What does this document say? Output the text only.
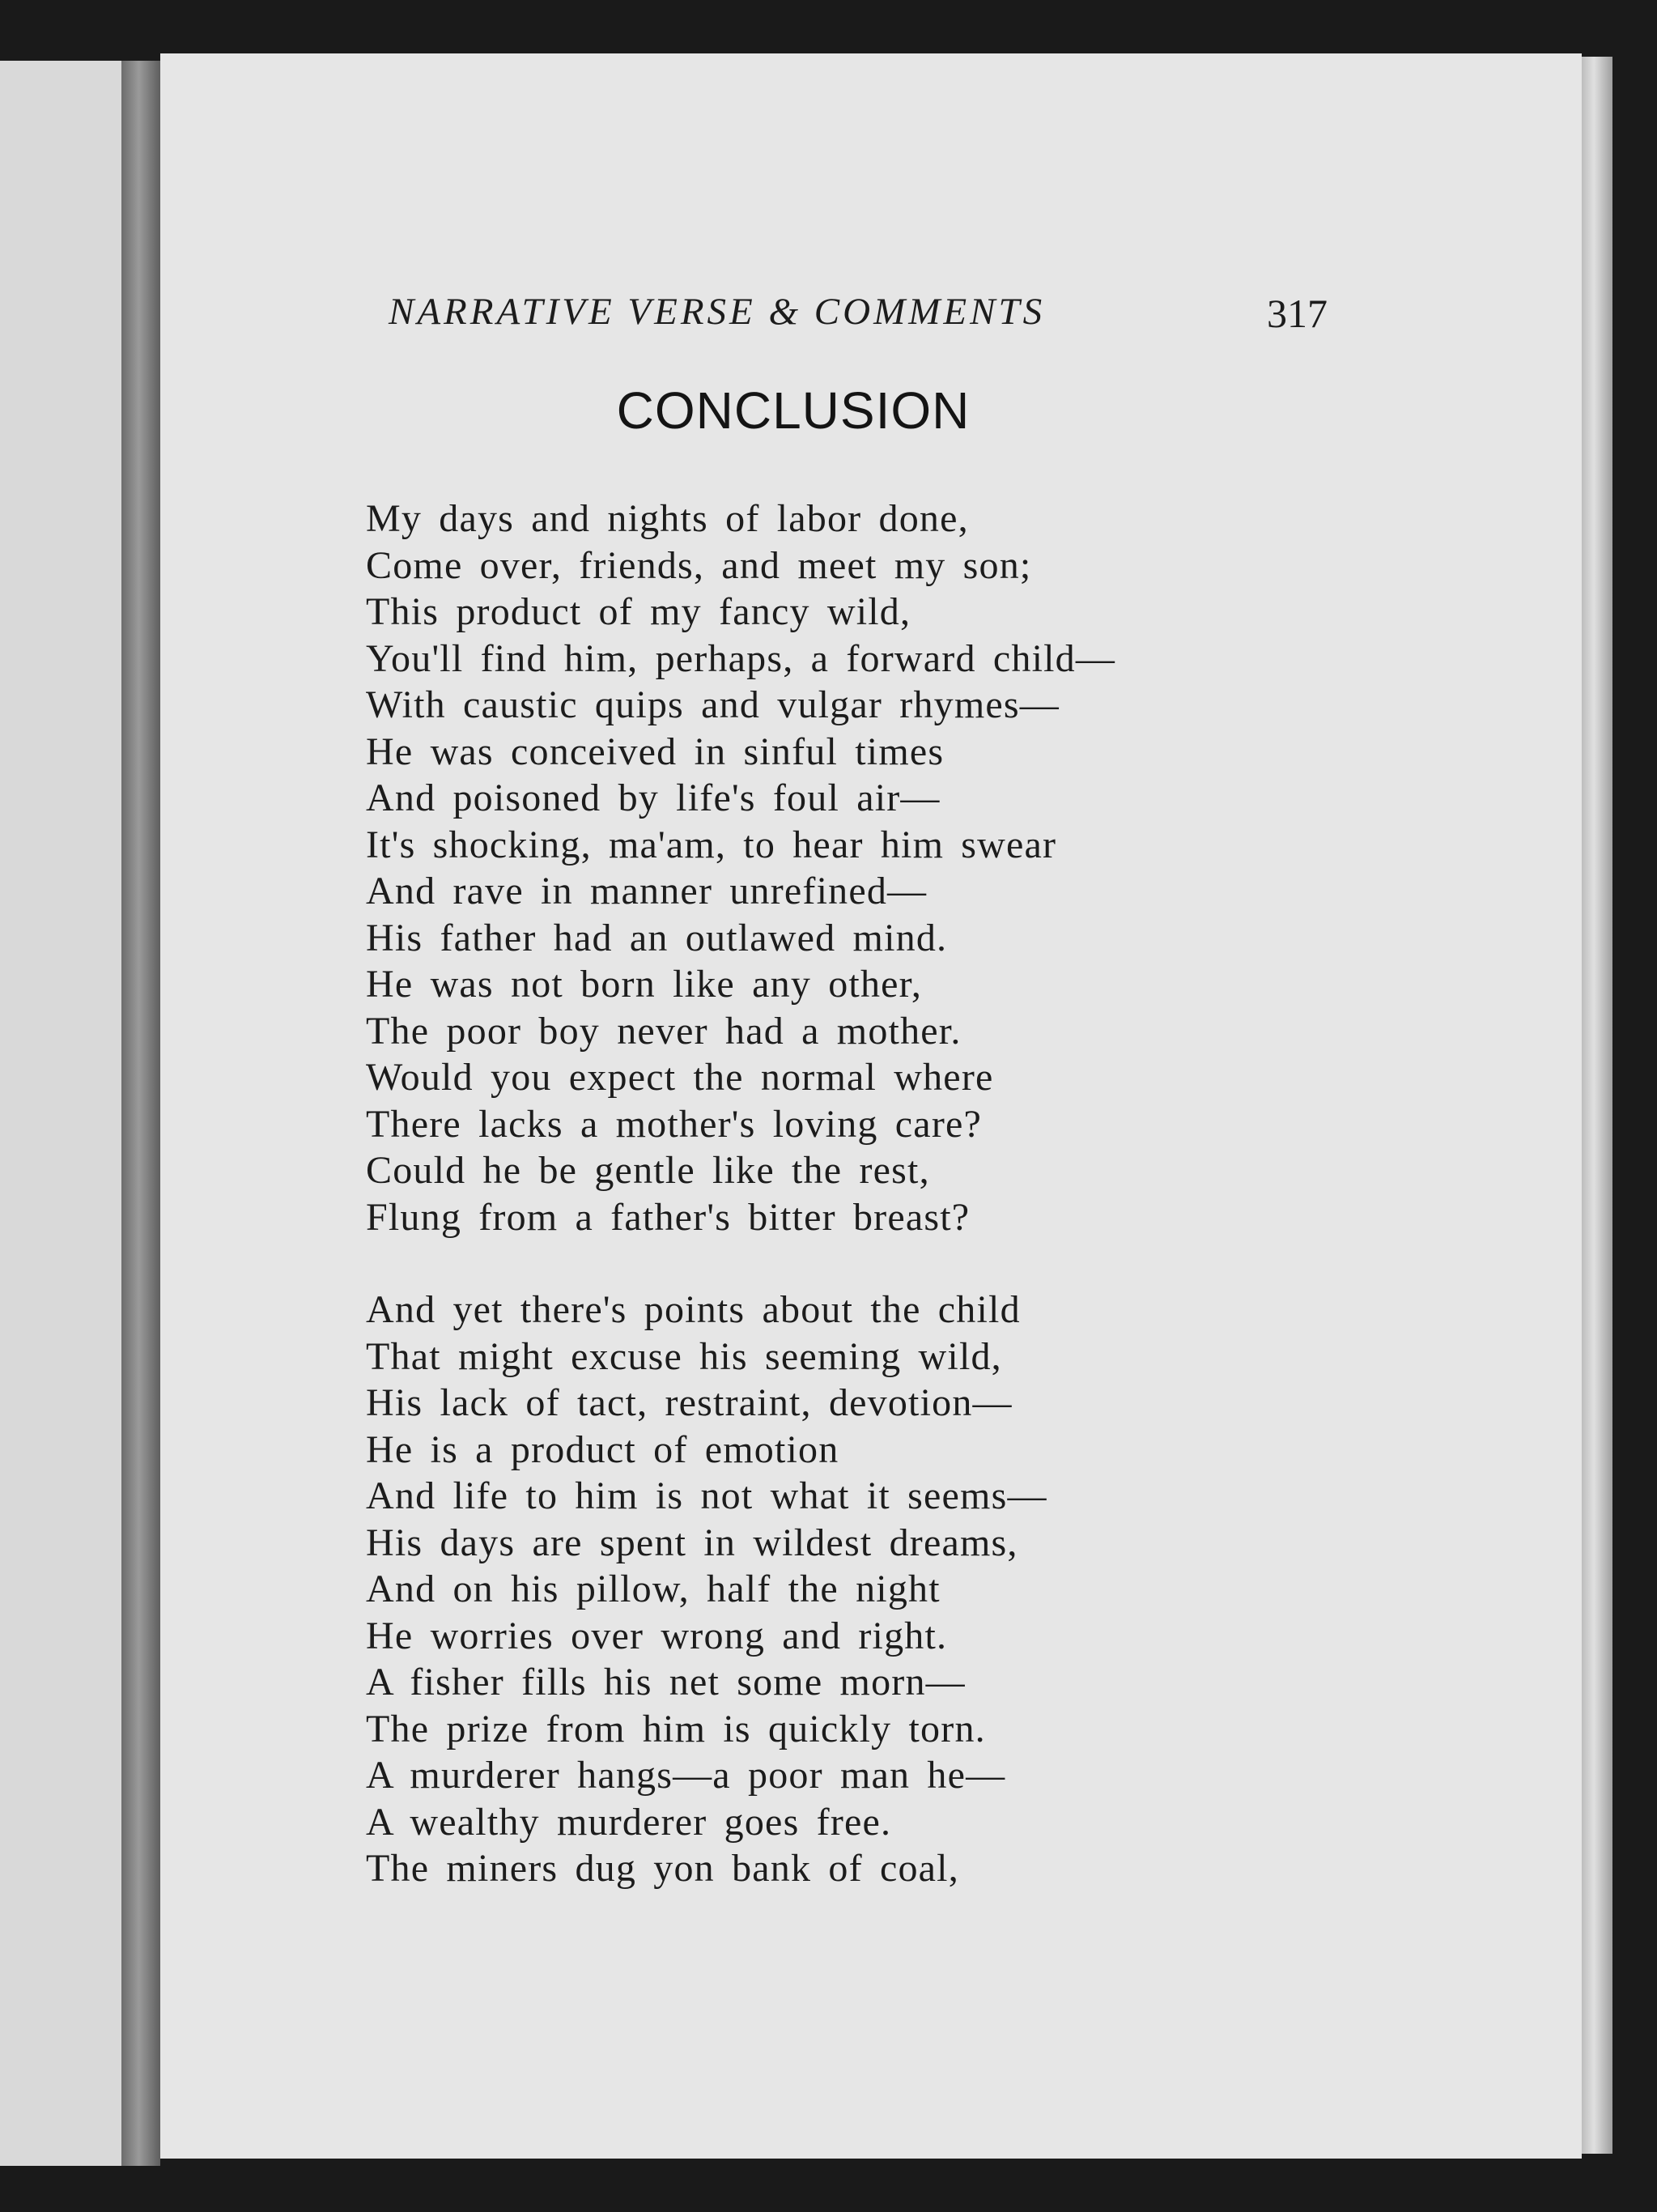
NARRATIVE VERSE & COMMENTS	317
CONCLUSION
My days and nights of labor done,
Come over, friends, and meet my son;
This product of my fancy wild,
You'll find him, perhaps, a forward child—
With caustic quips and vulgar rhymes—
He was conceived in sinful times
And poisoned by life's foul air—
It's shocking, ma'am, to hear him swear
And rave in manner unrefined—
His father had an outlawed mind.
He was not born like any other,
The poor boy never had a mother.
Would you expect the normal where
There lacks a mother's loving care?
Could he be gentle like the rest,
Flung from a father's bitter breast?
And yet there's points about the child
That might excuse his seeming wild,
His lack of tact, restraint, devotion—
He is a product of emotion
And life to him is not what it seems—
His days are spent in wildest dreams,
And on his pillow, half the night
He worries over wrong and right.
A fisher fills his net some morn—
The prize from him is quickly torn.
A murderer hangs—a poor man he—
A wealthy murderer goes free.
The miners dug yon bank of coal,
